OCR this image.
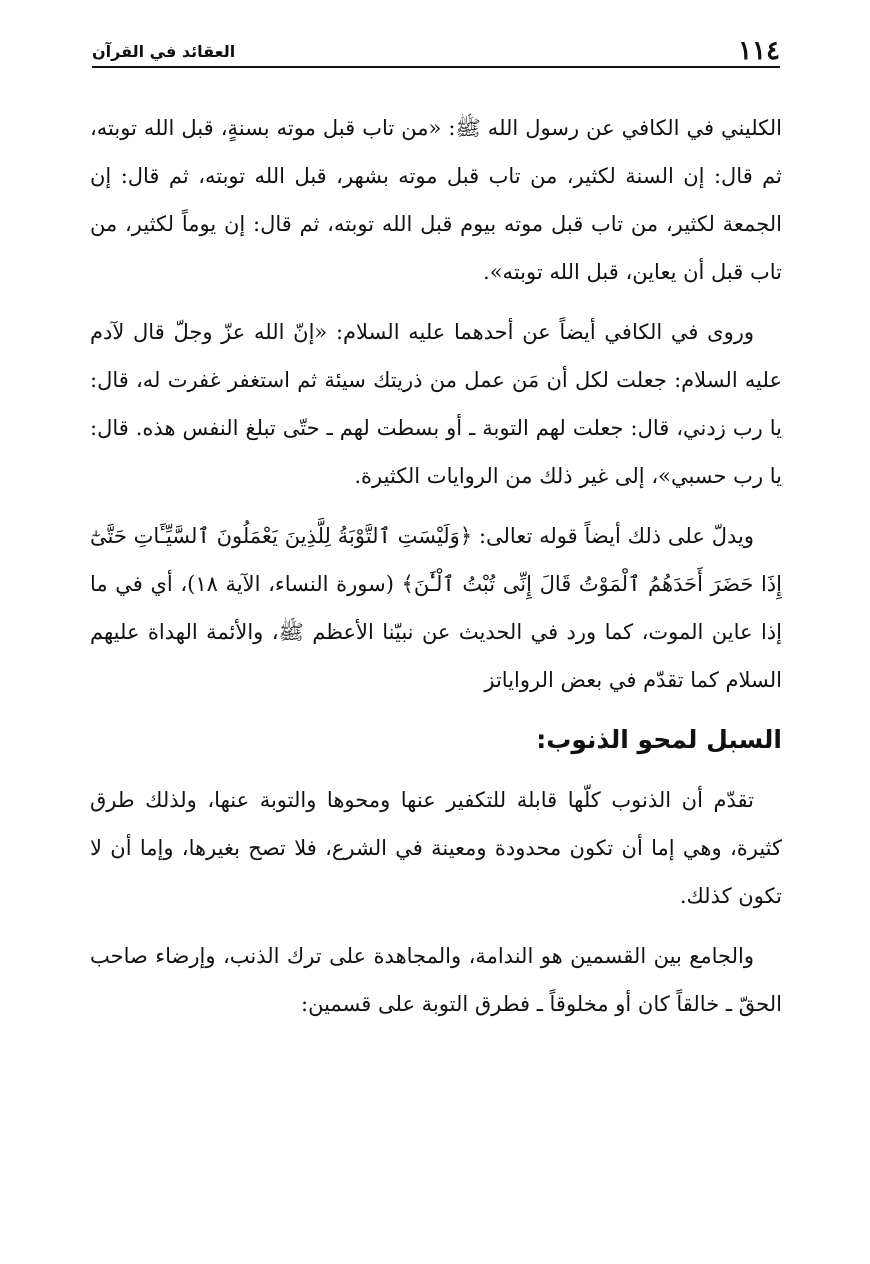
١١٤
العقائد في القرآن

الكليني في الكافي عن رسول الله ﷺ: «من تاب قبل موته بسنةٍ، قبل الله توبته، ثم قال: إن السنة لكثير، من تاب قبل موته بشهر، قبل الله توبته، ثم قال: إن الجمعة لكثير، من تاب قبل موته بيوم قبل الله توبته، ثم قال: إن يوماً لكثير، من تاب قبل أن يعاين، قبل الله توبته».

وروى في الكافي أيضاً عن أحدهما عليه السلام: «إنّ الله عزّ وجلّ قال لآدم عليه السلام: جعلت لكل أن مَن عمل من ذريتك سيئة ثم استغفر غفرت له، قال: يا رب زدني، قال: جعلت لهم التوبة ـ أو بسطت لهم ـ حتّى تبلغ النفس هذه. قال: يا رب حسبي»، إلى غير ذلك من الروايات الكثيرة.

ويدلّ على ذلك أيضاً قوله تعالى: ﴿وَلَيْسَتِ ٱلتَّوْبَةُ لِلَّذِينَ يَعْمَلُونَ ٱلسَّيِّـَٔاتِ حَتَّىٰٓ إِذَا حَضَرَ أَحَدَهُمُ ٱلْمَوْتُ قَالَ إِنِّى تُبْتُ ٱلْـَٰٔنَ﴾ (سورة النساء، الآية ١٨)، أي في ما إذا عاين الموت، كما ورد في الحديث عن نبيّنا الأعظم ﷺ، والأئمة الهداة عليهم السلام كما تقدّم في بعض الرواياتز

السبل لمحو الذنوب:

تقدّم أن الذنوب كلّها قابلة للتكفير عنها ومحوها والتوبة عنها، ولذلك طرق كثيرة، وهي إما أن تكون محدودة ومعينة في الشرع، فلا تصح بغيرها، وإما أن لا تكون كذلك.

والجامع بين القسمين هو الندامة، والمجاهدة على ترك الذنب، وإرضاء صاحب الحقّ ـ خالقاً كان أو مخلوقاً ـ فطرق التوبة على قسمين:
